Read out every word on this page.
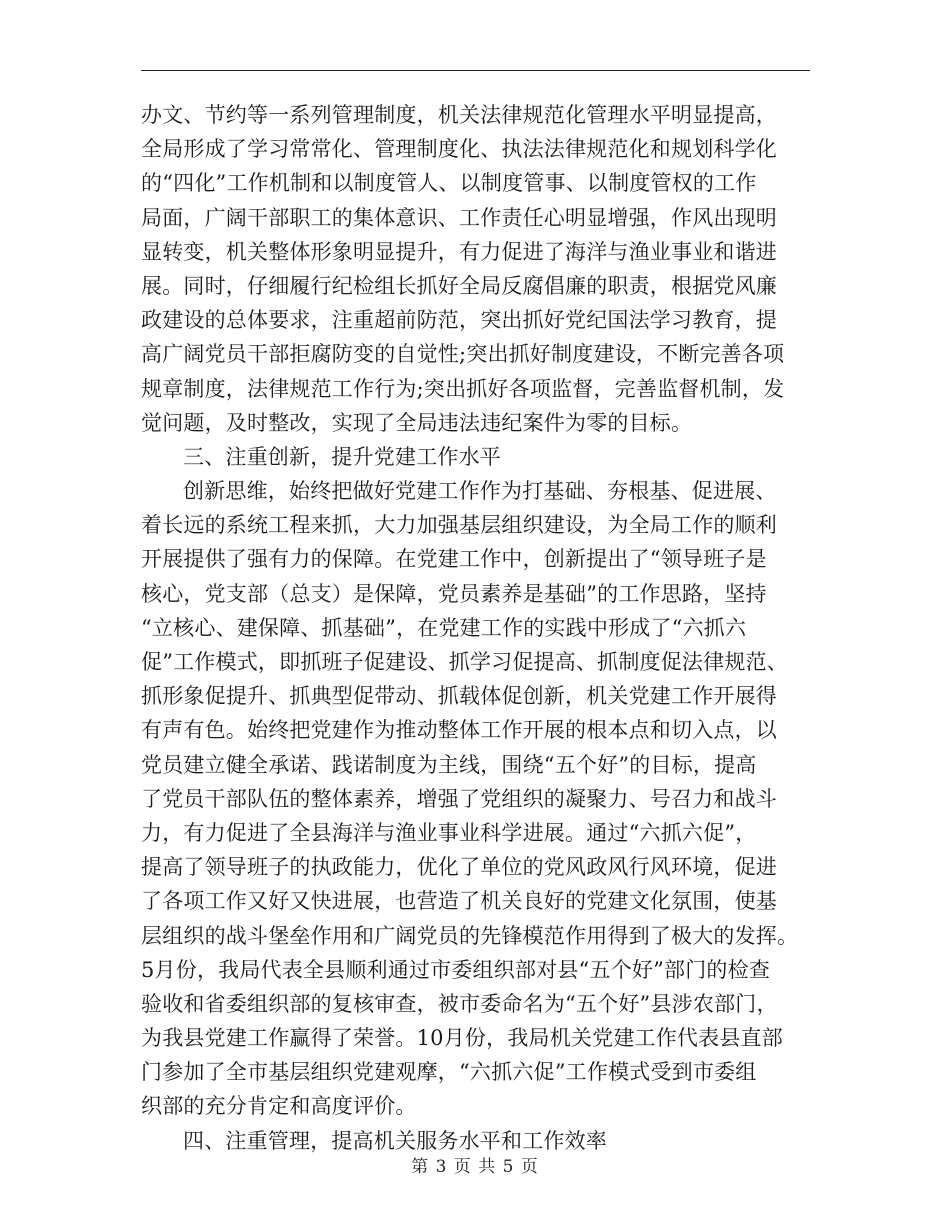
办文、节约等一系列管理制度，机关法律规范化管理水平明显提高，
全局形成了学习常常化、管理制度化、执法法律规范化和规划科学化
的“四化”工作机制和以制度管人、以制度管事、以制度管权的工作
局面，广阔干部职工的集体意识、工作责任心明显增强，作风出现明
显转变，机关整体形象明显提升，有力促进了海洋与渔业事业和谐进
展。同时，仔细履行纪检组长抓好全局反腐倡廉的职责，根据党风廉
政建设的总体要求，注重超前防范，突出抓好党纪国法学习教育，提
高广阔党员干部拒腐防变的自觉性;突出抓好制度建设，不断完善各项
规章制度，法律规范工作行为;突出抓好各项监督，完善监督机制，发
觉问题，及时整改，实现了全局违法违纪案件为零的目标。
三、注重创新，提升党建工作水平
创新思维，始终把做好党建工作作为打基础、夯根基、促进展、
着长远的系统工程来抓，大力加强基层组织建设，为全局工作的顺利
开展提供了强有力的保障。在党建工作中，创新提出了“领导班子是
核心，党支部（总支）是保障，党员素养是基础”的工作思路，坚持
“立核心、建保障、抓基础”，在党建工作的实践中形成了“六抓六
促”工作模式，即抓班子促建设、抓学习促提高、抓制度促法律规范、
抓形象促提升、抓典型促带动、抓载体促创新，机关党建工作开展得
有声有色。始终把党建作为推动整体工作开展的根本点和切入点，以
党员建立健全承诺、践诺制度为主线，围绕“五个好”的目标，提高
了党员干部队伍的整体素养，增强了党组织的凝聚力、号召力和战斗
力，有力促进了全县海洋与渔业事业科学进展。通过“六抓六促”，
提高了领导班子的执政能力，优化了单位的党风政风行风环境，促进
了各项工作又好又快进展，也营造了机关良好的党建文化氛围，使基
层组织的战斗堡垒作用和广阔党员的先锋模范作用得到了极大的发挥。
5月份，我局代表全县顺利通过市委组织部对县“五个好”部门的检查
验收和省委组织部的复核审查，被市委命名为“五个好”县涉农部门，
为我县党建工作赢得了荣誉。10月份，我局机关党建工作代表县直部
门参加了全市基层组织党建观摩，“六抓六促”工作模式受到市委组
织部的充分肯定和高度评价。
四、注重管理，提高机关服务水平和工作效率
第 3 页 共 5 页
